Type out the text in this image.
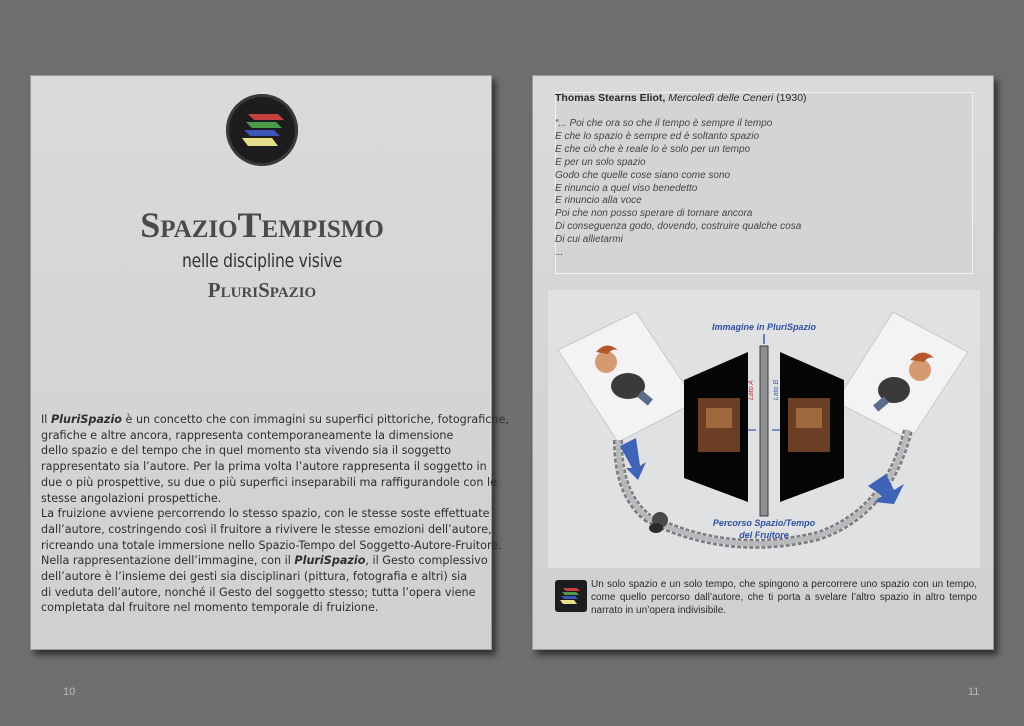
SpazioTempismo
nelle discipline visive
PluriSpazio
Il PluriSpazio è un concetto che con immagini su superfici pittoriche, fotografiche,
grafiche e altre ancora, rappresenta contemporaneamente la dimensione
dello spazio e del tempo che in quel momento sta vivendo sia il soggetto
rappresentato sia l’autore. Per la prima volta l’autore rappresenta il soggetto in
due o più prospettive, su due o più superfici inseparabili ma raffigurandole con le
stesse angolazioni prospettiche.
La fruizione avviene percorrendo lo stesso spazio, con le stesse soste effettuate
dall’autore, costringendo così il fruitore a rivivere le stesse emozioni dell’autore,
ricreando una totale immersione nello Spazio-Tempo del Soggetto-Autore-Fruitore.
Nella rappresentazione dell’immagine, con il PluriSpazio, il Gesto complessivo
dell’autore è l’insieme dei gesti sia disciplinari (pittura, fotografia e altri) sia
di veduta dell’autore, nonché il Gesto del soggetto stesso; tutta l’opera viene
completata dal fruitore nel momento temporale di fruizione.
Thomas Stearns Eliot, Mercoledì delle Ceneri (1930)
“... Poi che ora so che il tempo è sempre il tempo
E che lo spazio è sempre ed è soltanto spazio
E che ciò che è reale lo è solo per un tempo
E per un solo spazio
Godo che quelle cose siano come sono
E rinuncio a quel viso benedetto
E rinuncio alla voce
Poi che non posso sperare di tornare ancora
Di conseguenza godo, dovendo, costruire qualche cosa
Di cui allietarmi
...
Immagine in PluriSpazio
Lato A	Lato B
Percorso Spazio/Tempo
del Fruitore
Un solo spazio e un solo tempo, che spingono a percorrere uno spazio con un tempo, come quello percorso dall’autore, che ti porta a svelare l’altro spazio in altro tempo narrato in un’opera indivisibile.
10	11
